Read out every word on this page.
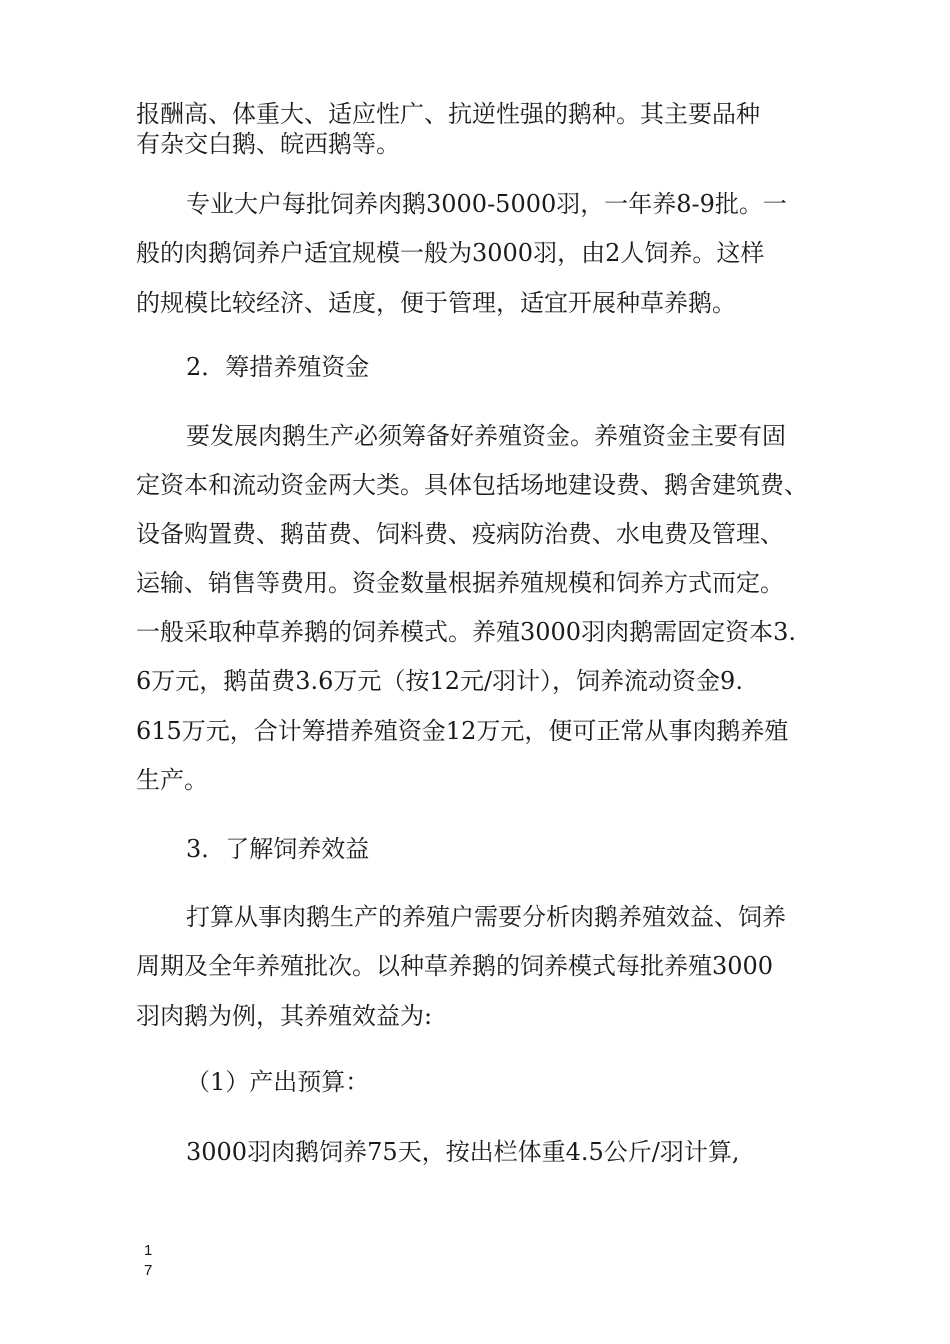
报酬高、体重大、适应性广、抗逆性强的鹅种。其主要品种

有杂交白鹅、皖西鹅等。

专业大户每批饲养肉鹅3000-5000羽，一年养8-9批。一

般的肉鹅饲养户适宜规模一般为3000羽，由2人饲养。这样

的规模比较经济、适度，便于管理，适宜开展种草养鹅。

2．筹措养殖资金

要发展肉鹅生产必须筹备好养殖资金。养殖资金主要有固

定资本和流动资金两大类。具体包括场地建设费、鹅舍建筑费、

设备购置费、鹅苗费、饲料费、疫病防治费、水电费及管理、

运输、销售等费用。资金数量根据养殖规模和饲养方式而定。

一般采取种草养鹅的饲养模式。养殖3000羽肉鹅需固定资本3.

6万元，鹅苗费3.6万元（按12元/羽计），饲养流动资金9.

615万元，合计筹措养殖资金12万元，便可正常从事肉鹅养殖

生产。

3．了解饲养效益

打算从事肉鹅生产的养殖户需要分析肉鹅养殖效益、饲养

周期及全年养殖批次。以种草养鹅的饲养模式每批养殖3000

羽肉鹅为例，其养殖效益为:

（1）产出预算：

3000羽肉鹅饲养75天，按出栏体重4.5公斤/羽计算,

1
7
